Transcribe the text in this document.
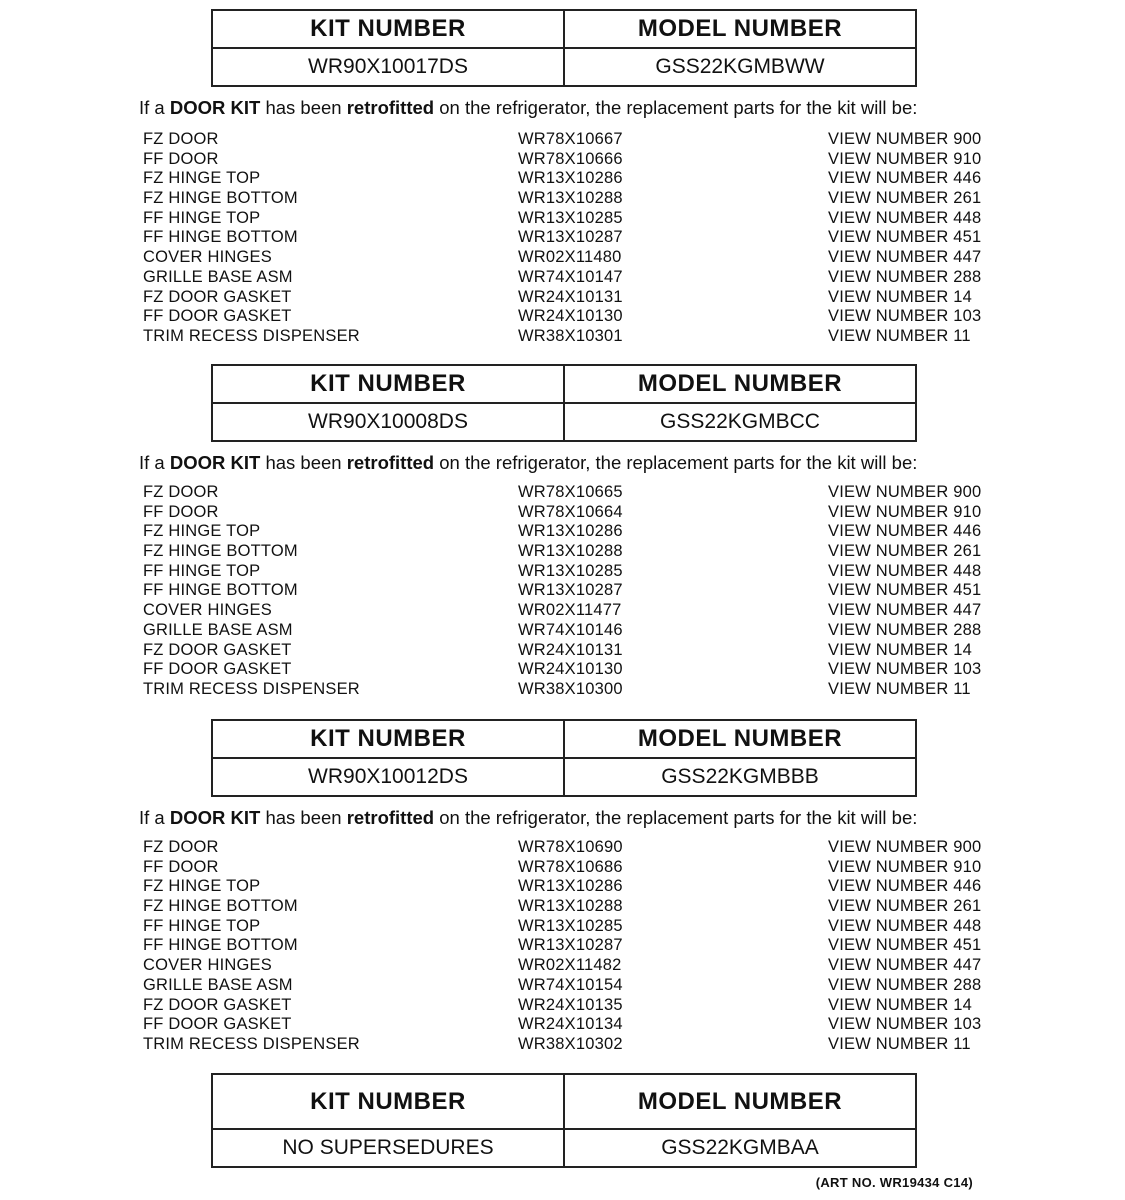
KIT NUMBER	MODEL NUMBER
WR90X10017DS	GSS22KGMBWW
If a DOOR KIT has been retrofitted on the refrigerator, the replacement parts for the kit will be:
FZ DOOR	WR78X10667	VIEW NUMBER 900
FF DOOR	WR78X10666	VIEW NUMBER 910
FZ HINGE TOP	WR13X10286	VIEW NUMBER 446
FZ HINGE BOTTOM	WR13X10288	VIEW NUMBER 261
FF HINGE TOP	WR13X10285	VIEW NUMBER 448
FF HINGE BOTTOM	WR13X10287	VIEW NUMBER 451
COVER HINGES	WR02X11480	VIEW NUMBER 447
GRILLE BASE ASM	WR74X10147	VIEW NUMBER 288
FZ DOOR GASKET	WR24X10131	VIEW NUMBER 14
FF DOOR GASKET	WR24X10130	VIEW NUMBER 103
TRIM RECESS DISPENSER	WR38X10301	VIEW NUMBER 11
KIT NUMBER	MODEL NUMBER
WR90X10008DS	GSS22KGMBCC
If a DOOR KIT has been retrofitted on the refrigerator, the replacement parts for the kit will be:
FZ DOOR	WR78X10665	VIEW NUMBER 900
FF DOOR	WR78X10664	VIEW NUMBER 910
FZ HINGE TOP	WR13X10286	VIEW NUMBER 446
FZ HINGE BOTTOM	WR13X10288	VIEW NUMBER 261
FF HINGE TOP	WR13X10285	VIEW NUMBER 448
FF HINGE BOTTOM	WR13X10287	VIEW NUMBER 451
COVER HINGES	WR02X11477	VIEW NUMBER 447
GRILLE BASE ASM	WR74X10146	VIEW NUMBER 288
FZ DOOR GASKET	WR24X10131	VIEW NUMBER 14
FF DOOR GASKET	WR24X10130	VIEW NUMBER 103
TRIM RECESS DISPENSER	WR38X10300	VIEW NUMBER 11
KIT NUMBER	MODEL NUMBER
WR90X10012DS	GSS22KGMBBB
If a DOOR KIT has been retrofitted on the refrigerator, the replacement parts for the kit will be:
FZ DOOR	WR78X10690	VIEW NUMBER 900
FF DOOR	WR78X10686	VIEW NUMBER 910
FZ HINGE TOP	WR13X10286	VIEW NUMBER 446
FZ HINGE BOTTOM	WR13X10288	VIEW NUMBER 261
FF HINGE TOP	WR13X10285	VIEW NUMBER 448
FF HINGE BOTTOM	WR13X10287	VIEW NUMBER 451
COVER HINGES	WR02X11482	VIEW NUMBER 447
GRILLE BASE ASM	WR74X10154	VIEW NUMBER 288
FZ DOOR GASKET	WR24X10135	VIEW NUMBER 14
FF DOOR GASKET	WR24X10134	VIEW NUMBER 103
TRIM RECESS DISPENSER	WR38X10302	VIEW NUMBER 11
KIT NUMBER	MODEL NUMBER
NO SUPERSEDURES	GSS22KGMBAA
(ART NO. WR19434 C14)
